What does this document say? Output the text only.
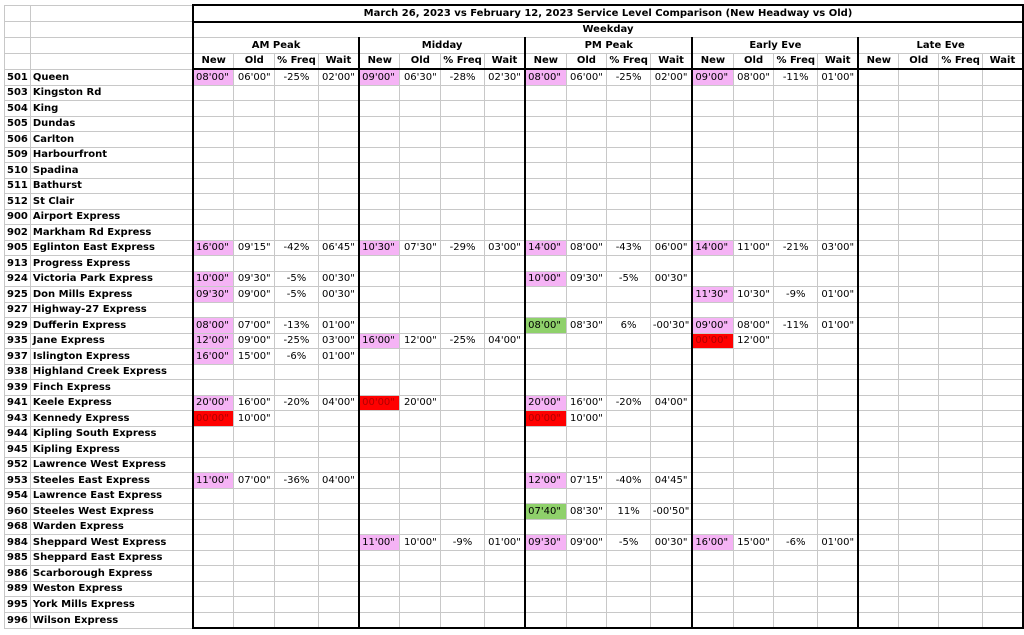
		March 26, 2023 vs February 12, 2023 Service Level Comparison (New Headway vs Old)																			
		Weekday																			
		AM Peak				Midday				PM Peak				Early Eve				Late Eve			
		New	Old	% Freq	Wait	New	Old	% Freq	Wait	New	Old	% Freq	Wait	New	Old	% Freq	Wait	New	Old	% Freq	Wait
501	Queen	08'00"	06'00"	-25%	02'00"	09'00"	06'30"	-28%	02'30"	08'00"	06'00"	-25%	02'00"	09'00"	08'00"	-11%	01'00"				
503	Kingston Rd																				
504	King																				
505	Dundas																				
506	Carlton																				
509	Harbourfront																				
510	Spadina																				
511	Bathurst																				
512	St Clair																				
900	Airport Express																				
902	Markham Rd Express																				
905	Eglinton East Express	16'00"	09'15"	-42%	06'45"	10'30"	07'30"	-29%	03'00"	14'00"	08'00"	-43%	06'00"	14'00"	11'00"	-21%	03'00"				
913	Progress Express																				
924	Victoria Park Express	10'00"	09'30"	-5%	00'30"					10'00"	09'30"	-5%	00'30"								
925	Don Mills Express	09'30"	09'00"	-5%	00'30"									11'30"	10'30"	-9%	01'00"				
927	Highway-27 Express																				
929	Dufferin Express	08'00"	07'00"	-13%	01'00"					08'00"	08'30"	6%	-00'30"	09'00"	08'00"	-11%	01'00"				
935	Jane Express	12'00"	09'00"	-25%	03'00"	16'00"	12'00"	-25%	04'00"					00'00"	12'00"						
937	Islington Express	16'00"	15'00"	-6%	01'00"																
938	Highland Creek Express																				
939	Finch Express																				
941	Keele Express	20'00"	16'00"	-20%	04'00"	00'00"	20'00"			20'00"	16'00"	-20%	04'00"								
943	Kennedy Express	00'00"	10'00"							00'00"	10'00"										
944	Kipling South Express																				
945	Kipling Express																				
952	Lawrence West Express																				
953	Steeles East Express	11'00"	07'00"	-36%	04'00"					12'00"	07'15"	-40%	04'45"								
954	Lawrence East Express																				
960	Steeles West Express									07'40"	08'30"	11%	-00'50"								
968	Warden Express																				
984	Sheppard West Express					11'00"	10'00"	-9%	01'00"	09'30"	09'00"	-5%	00'30"	16'00"	15'00"	-6%	01'00"				
985	Sheppard East Express																				
986	Scarborough Express																				
989	Weston Express																				
995	York Mills Express																				
996	Wilson Express																				
